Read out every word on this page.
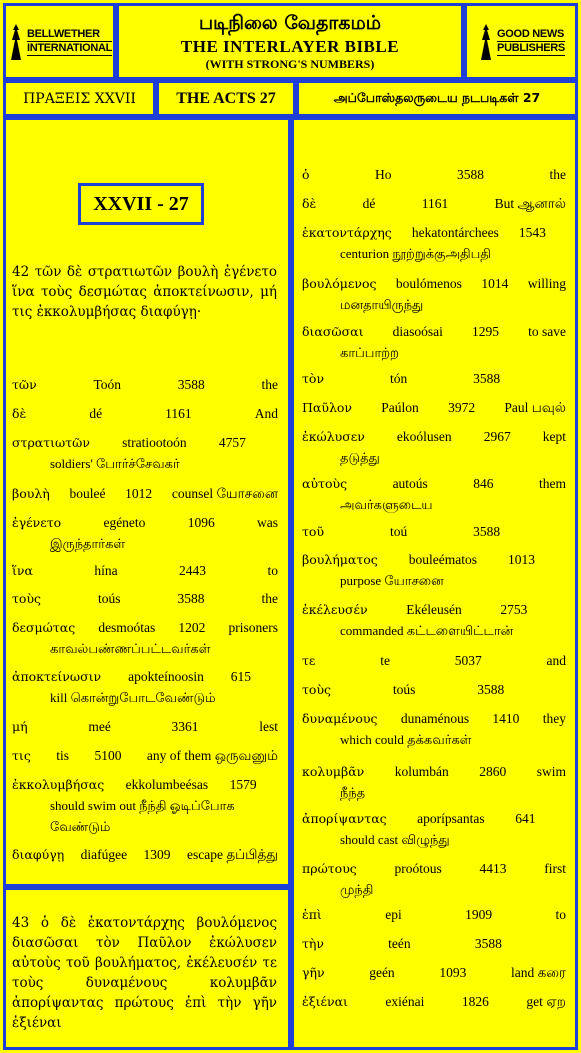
BELLWETHER
INTERNATIONAL
படிநிலை வேதாகமம்
THE INTERLAYER BIBLE
(WITH STRONG'S NUMBERS)
GOOD NEWS
PUBLISHERS
ΠΡΑΞΕΙΣ XXVII	THE ACTS 27	அப்போஸ்தலருடைய நடபடிகள் 27
XXVII - 27
42 τῶν δὲ στρατιωτῶν βουλὴ ἐγένετο ἵνα τοὺς δεσμώτας ἀποκτείνωσιν, μή τις ἐκκολυμβήσας διαφύγῃ·
τῶν	Toón	3588	the
δὲ	dé	1161	And
στρατιωτῶν stratiootoón 4757
soldiers' போர்ச்சேவகர்
βουλὴ bouleé 1012 counsel யோசனை
ἐγένετο	egéneto	1096	was
இருந்தார்கள்
ἵνα	hína	2443	to
τοὺς	toús	3588	the
δεσμώτας desmoótas 1202 prisoners
காவல்பண்ணப்பட்டவர்கள்
ἀποκτείνωσιν apokteínoosin 615
kill கொன்றுபோடவேண்டும்
μή	meé	3361	lest
τις tis 5100 any of them ஒருவனும்
ἐκκολυμβήσας ekkolumbeésas 1579
should swim out நீந்தி ஓடிப்போக வேண்டும்
διαφύγῃ diafúgee 1309 escape தப்பித்து
ὁ	Ho	3588	the
δὲ	dé	1161	But ஆனால்
ἑκατοντάρχης hekatontárchees 1543
centurion நூற்றுக்குஅதிபதி
βουλόμενος boulómenos 1014 willing
மனதாயிருந்து
διασῶσαι diasoósai 1295 to save
காப்பாற்ற
τὸν	tón	3588
Παῦλον Paúlon 3972 Paul பவுல்
ἐκώλυσεν ekoólusen 2967 kept
தடுத்து
αὐτοὺς	autoús	846	them
அவர்களுடைய
τοῦ	toú	3588
βουλήματος bouleématos 1013
purpose யோசனை
ἐκέλευσέν	Ekéleusén	2753
commanded கட்டளையிட்டான்
τε	te	5037	and
τοὺς	toús	3588
δυναμένους dunaménous 1410 they
which could தக்கவர்கள்
κολυμβᾶν kolumbán 2860 swim
நீந்த
ἀπορίψαντας aporípsantas 641
should cast விழுந்து
πρώτους	proótous	4413	first
முந்தி
ἐπὶ	epi	1909	to
τὴν	teén	3588
γῆν	geén	1093	land கரை
ἐξιέναι	exiénai	1826	get ஏற
43 ὁ δὲ ἑκατοντάρχης βουλόμενος διασῶσαι τὸν Παῦλον ἐκώλυσεν αὐτοὺς τοῦ βουλήματος, ἐκέλευσέν τε τοὺς δυναμένους κολυμβᾶν ἀπορίψαντας πρώτους ἐπὶ τὴν γῆν ἐξιέναι
